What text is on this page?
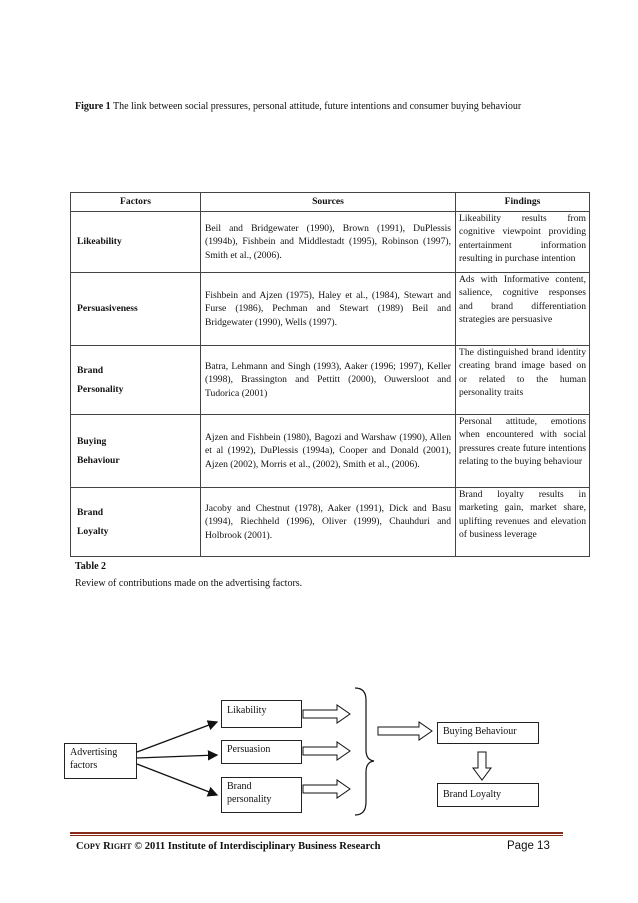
Figure 1 The link between social pressures, personal attitude, future intentions and consumer buying behaviour
Factors	Sources	Findings

Likeability	Beil and Bridgewater (1990), Brown (1991), DuPlessis (1994b), Fishbein and Middlestadt (1995), Robinson (1997), Smith et al., (2006).	Likeability results from cognitive viewpoint providing entertainment information resulting in purchase intention

Persuasiveness	Fishbein and Ajzen (1975), Haley et al., (1984), Stewart and Furse (1986), Pechman and Stewart (1989) Beil and Bridgewater (1990), Wells (1997).	Ads with Informative content, salience, cognitive responses and brand differentiation strategies are persuasive

Brand
Personality	Batra, Lehmann and Singh (1993), Aaker (1996; 1997), Keller (1998), Brassington and Pettitt (2000), Ouwersloot and Tudorica (2001)	The distinguished brand identity creating brand image based on or related to the human personality traits

Buying
Behaviour	Ajzen and Fishbein (1980), Bagozi and Warshaw (1990), Allen et al (1992), DuPlessis (1994a), Cooper and Donald (2001), Ajzen (2002), Morris et al., (2002), Smith et al., (2006).	Personal attitude, emotions when encountered with social pressures create future intentions relating to the buying behaviour

Brand
Loyalty	Jacoby and Chestnut (1978), Aaker (1991), Dick and Basu (1994), Riechheld (1996), Oliver (1999), Chauhduri and Holbrook (2001).	Brand loyalty results in marketing gain, market share, uplifting revenues and elevation of business leverage
Table 2
Review of contributions made on the advertising factors.
Advertising
factors
Likability
Persuasion
Brand
personality
Buying Behaviour
Brand Loyalty
COPY RIGHT © 2011 Institute of Interdisciplinary Business Research	Page 13
